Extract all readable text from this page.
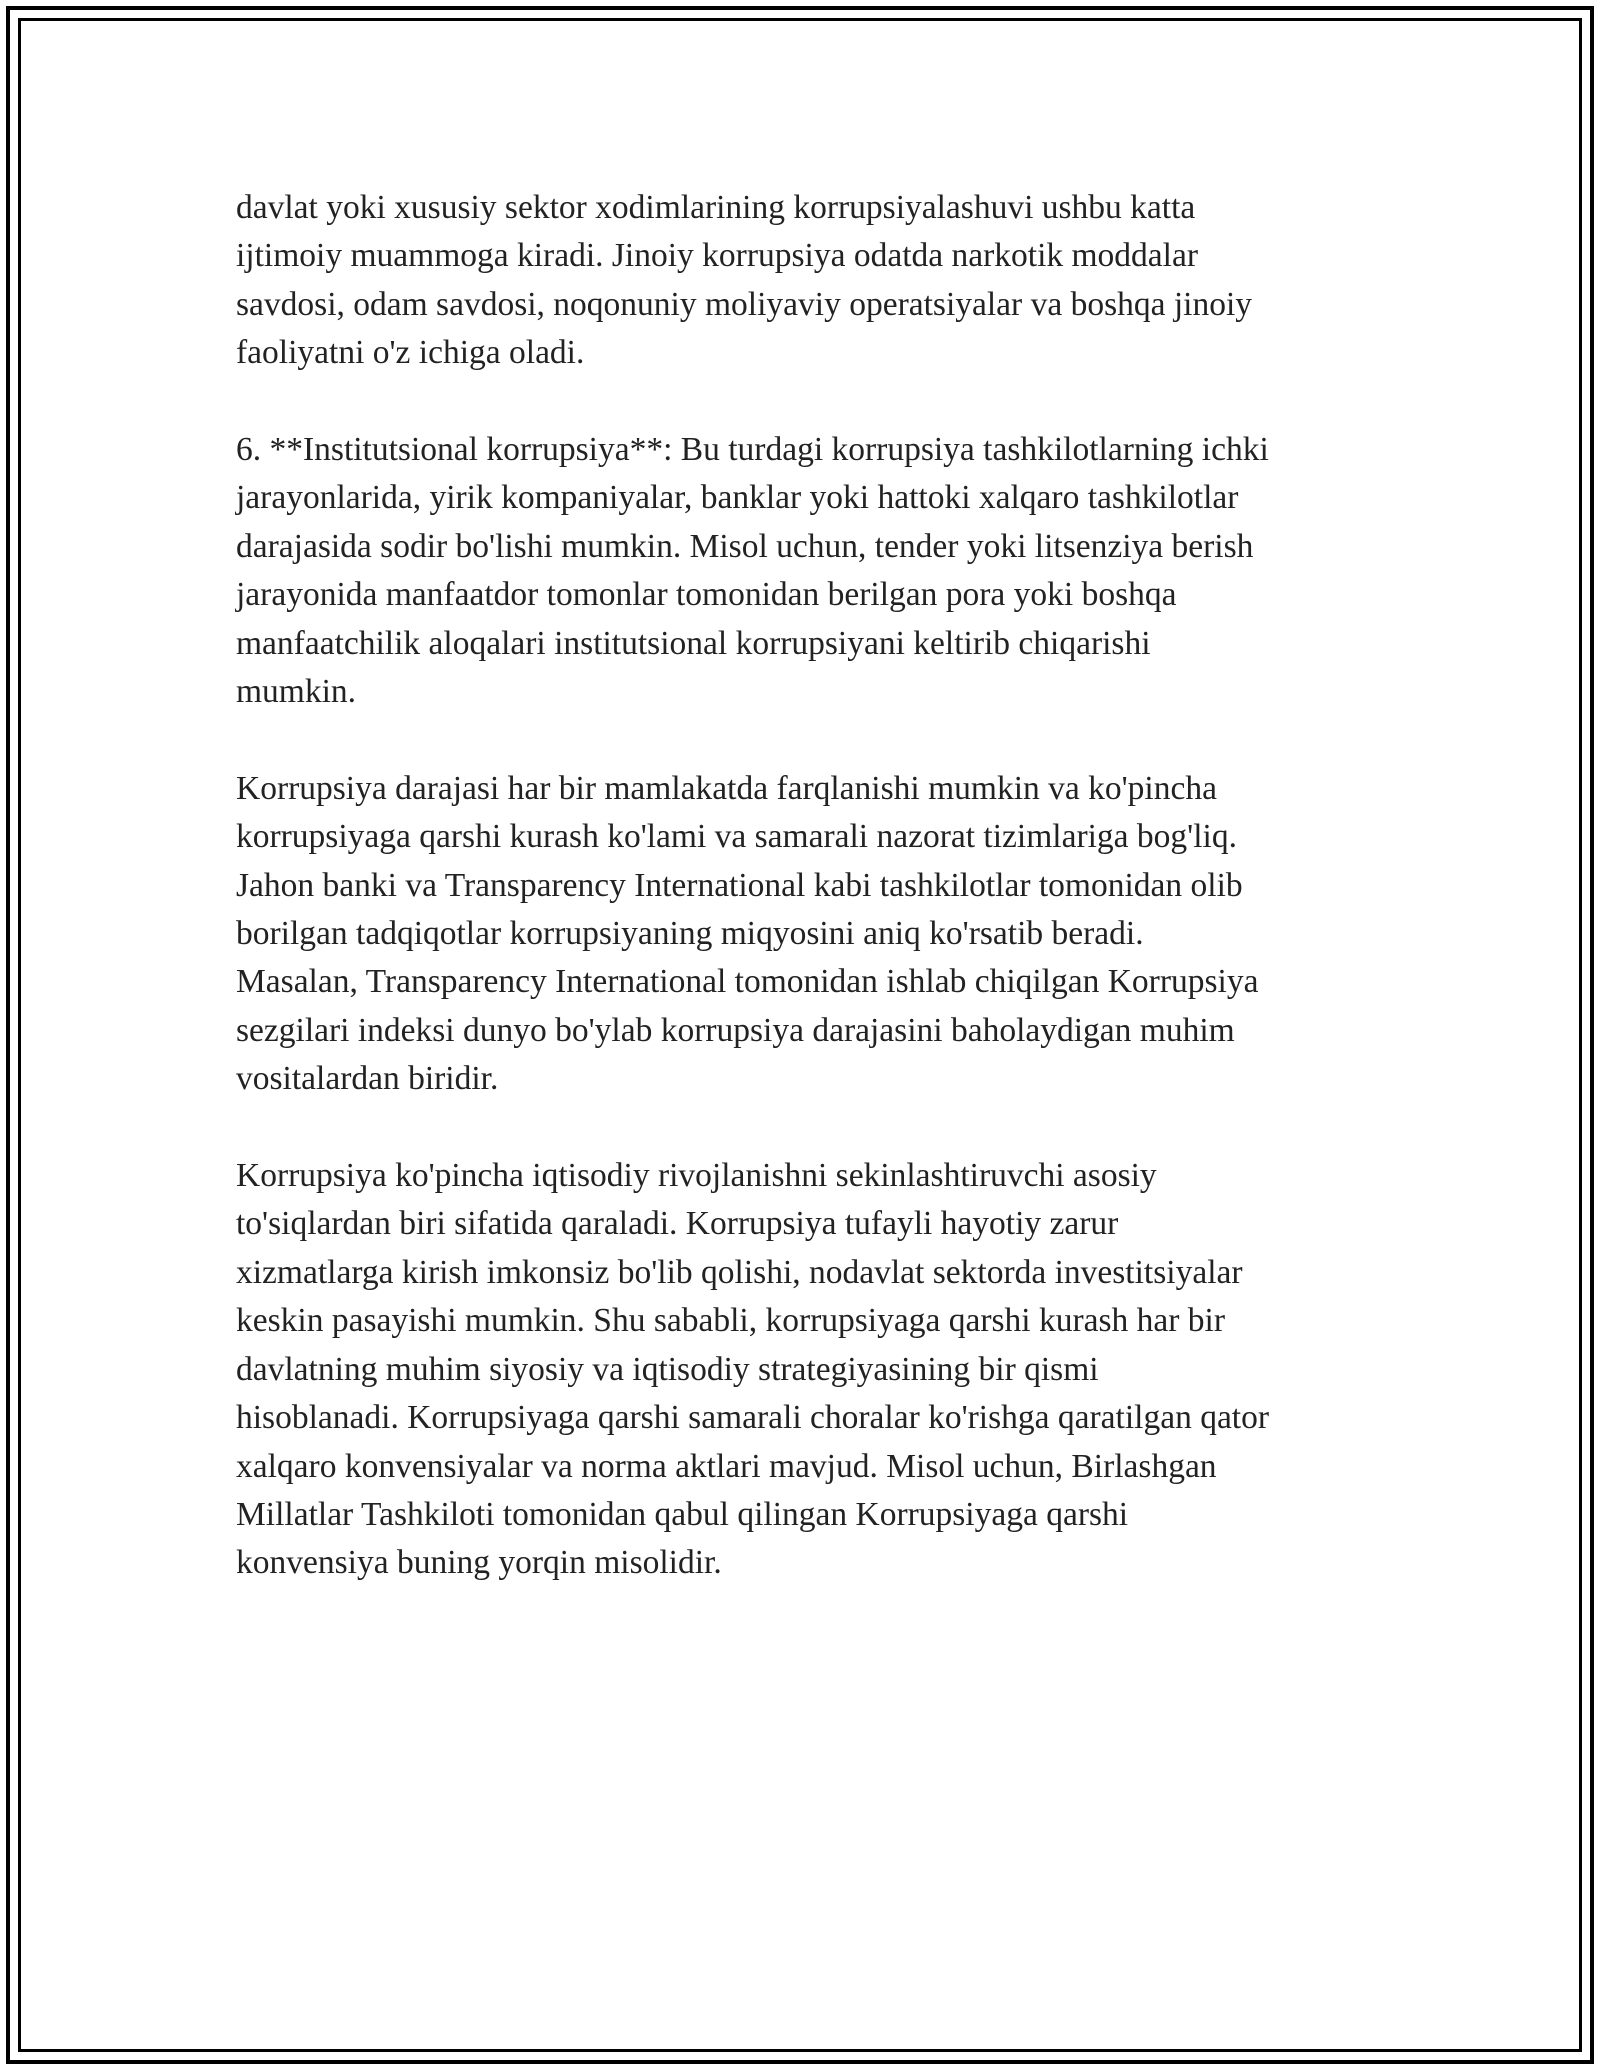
davlat yoki xususiy sektor xodimlarining korrupsiyalashuvi ushbu katta
ijtimoiy muammoga kiradi. Jinoiy korrupsiya odatda narkotik moddalar
savdosi, odam savdosi, noqonuniy moliyaviy operatsiyalar va boshqa jinoiy
faoliyatni o'z ichiga oladi.

6. **Institutsional korrupsiya**: Bu turdagi korrupsiya tashkilotlarning ichki
jarayonlarida, yirik kompaniyalar, banklar yoki hattoki xalqaro tashkilotlar
darajasida sodir bo'lishi mumkin. Misol uchun, tender yoki litsenziya berish
jarayonida manfaatdor tomonlar tomonidan berilgan pora yoki boshqa
manfaatchilik aloqalari institutsional korrupsiyani keltirib chiqarishi
mumkin.

Korrupsiya darajasi har bir mamlakatda farqlanishi mumkin va ko'pincha
korrupsiyaga qarshi kurash ko'lami va samarali nazorat tizimlariga bog'liq.
Jahon banki va Transparency International kabi tashkilotlar tomonidan olib
borilgan tadqiqotlar korrupsiyaning miqyosini aniq ko'rsatib beradi.
Masalan, Transparency International tomonidan ishlab chiqilgan Korrupsiya
sezgilari indeksi dunyo bo'ylab korrupsiya darajasini baholaydigan muhim
vositalardan biridir.

Korrupsiya ko'pincha iqtisodiy rivojlanishni sekinlashtiruvchi asosiy
to'siqlardan biri sifatida qaraladi. Korrupsiya tufayli hayotiy zarur
xizmatlarga kirish imkonsiz bo'lib qolishi, nodavlat sektorda investitsiyalar
keskin pasayishi mumkin. Shu sababli, korrupsiyaga qarshi kurash har bir
davlatning muhim siyosiy va iqtisodiy strategiyasining bir qismi
hisoblanadi. Korrupsiyaga qarshi samarali choralar ko'rishga qaratilgan qator
xalqaro konvensiyalar va norma aktlari mavjud. Misol uchun, Birlashgan
Millatlar Tashkiloti tomonidan qabul qilingan Korrupsiyaga qarshi
konvensiya buning yorqin misolidir.
